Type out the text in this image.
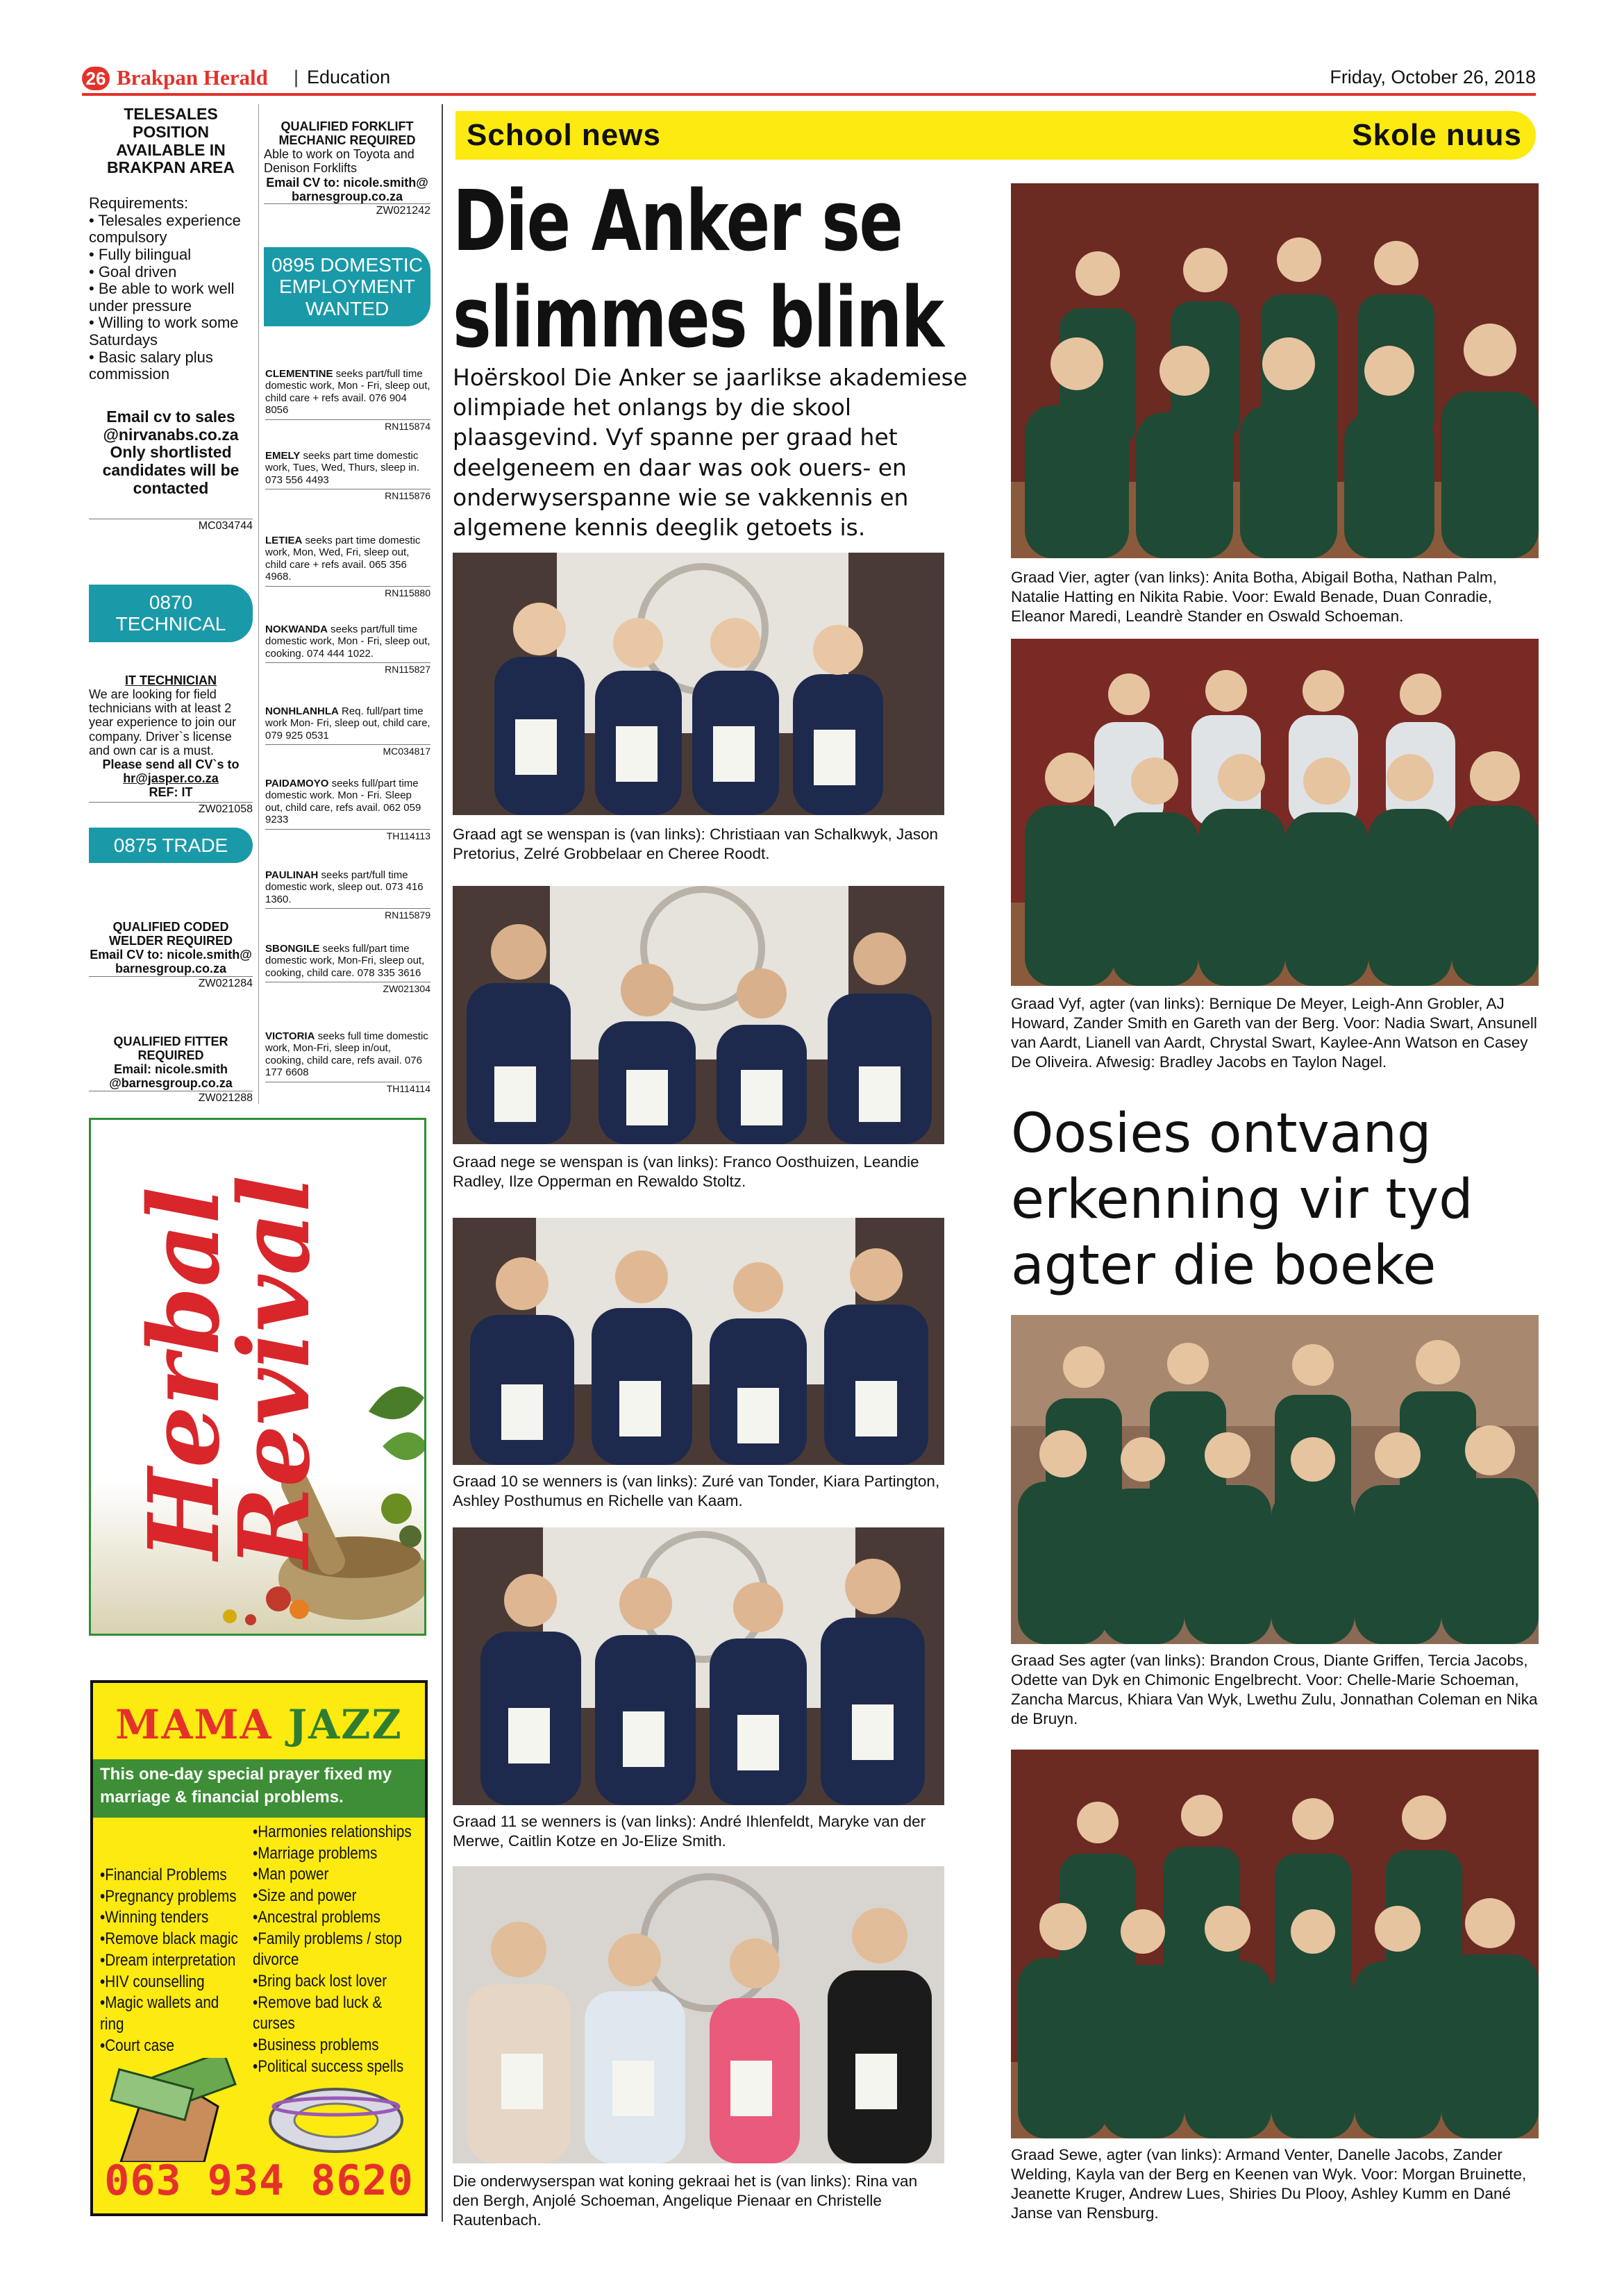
26 Brakpan Herald
|	Education	Friday, October 26, 2018
TELESALES POSITION AVAILABLE IN BRAKPAN AREA
Requirements:
• Telesales experience compulsory
• Fully bilingual
• Goal driven
• Be able to work well under pressure
• Willing to work some Saturdays
• Basic salary plus commission
Email cv to sales @nirvanabs.co.za Only shortlisted candidates will be contacted
MC034744
0870 TECHNICAL
IT TECHNICIAN
We are looking for field technicians with at least 2 year experience to join our company. Driver`s license and own car is a must.
Please send all CV`s to
hr@jasper.co.za
REF: IT
ZW021058
0875 TRADE
QUALIFIED CODED WELDER REQUIRED
Email CV to: nicole.smith@ barnesgroup.co.za
ZW021284
QUALIFIED FITTER REQUIRED
Email: nicole.smith @barnesgroup.co.za
ZW021288
QUALIFIED FORKLIFT MECHANIC REQUIRED
Able to work on Toyota and Denison Forklifts
Email CV to: nicole.smith@ barnesgroup.co.za
ZW021242
0895 DOMESTIC EMPLOYMENT WANTED
CLEMENTINE seeks part/full time domestic work, Mon - Fri, sleep out, child care + refs avail. 076 904 8056
RN115874
EMELY seeks part time domestic work, Tues, Wed, Thurs, sleep in. 073 556 4493
RN115876
LETIEA seeks part time domestic work, Mon, Wed, Fri, sleep out, child care + refs avail. 065 356 4968.
RN115880
NOKWANDA seeks part/full time domestic work, Mon - Fri, sleep out, cooking. 074 444 1022.
RN115827
NONHLANHLA Req. full/part time work Mon- Fri, sleep out, child care, 079 925 0531
MC034817
PAIDAMOYO seeks full/part time domestic work. Mon - Fri. Sleep out, child care, refs avail. 062 059 9233
TH114113
PAULINAH seeks part/full time domestic work, sleep out. 073 416 1360.
RN115879
SBONGILE seeks full/part time domestic work, Mon-Fri, sleep out, cooking, child care. 078 335 3616
ZW021304
VICTORIA seeks full time domestic work, Mon-Fri, sleep in/out, cooking, child care, refs avail. 076 177 6608
TH114114
Herbal
Revival
MAMA JAZZ
This one-day special prayer fixed my marriage & financial problems.
• Financial Problems
• Pregnancy problems
• Winning tenders
• Remove black magic
• Dream interpretation
• HIV counselling
• Magic wallets and ring
• Court case
• Harmonies relationships
• Marriage problems
• Man power
• Size and power
• Ancestral problems
• Family problems / stop divorce
• Bring back lost lover
• Remove bad luck & curses
• Business problems
• Political success spells
063 934 8620
School news	Skole nuus
Die Anker se
slimmes blink
Hoërskool Die Anker se jaarlikse akademiese olimpiade het onlangs by die skool plaasgevind. Vyf spanne per graad het deelgeneem en daar was ook ouers- en onderwyserspanne wie se vakkennis en algemene kennis deeglik getoets is.
Graad agt se wenspan is (van links): Christiaan van Schalkwyk, Jason Pretorius, Zelré Grobbelaar en Cheree Roodt.
Graad nege se wenspan is (van links): Franco Oosthuizen, Leandie Radley, Ilze Opperman en Rewaldo Stoltz.
Graad 10 se wenners is (van links): Zuré van Tonder, Kiara Partington, Ashley Posthumus en Richelle van Kaam.
Graad 11 se wenners is (van links): André Ihlenfeldt, Maryke van der Merwe, Caitlin Kotze en Jo-Elize Smith.
Die onderwyserspan wat koning gekraai het is (van links): Rina van den Bergh, Anjolé Schoeman, Angelique Pienaar en Christelle Rautenbach.
Graad Vier, agter (van links): Anita Botha, Abigail Botha, Nathan Palm, Natalie Hatting en Nikita Rabie. Voor: Ewald Benade, Duan Conradie, Eleanor Maredi, Leandrè Stander en Oswald Schoeman.
Graad Vyf, agter (van links): Bernique De Meyer, Leigh-Ann Grobler, AJ Howard, Zander Smith en Gareth van der Berg. Voor: Nadia Swart, Ansunell van Aardt, Lianell van Aardt, Chrystal Swart, Kaylee-Ann Watson en Casey De Oliveira. Afwesig: Bradley Jacobs en Taylon Nagel.
Oosies ontvang erkenning vir tyd agter die boeke
Graad Ses agter (van links): Brandon Crous, Diante Griffen, Tercia Jacobs, Odette van Dyk en Chimonic Engelbrecht. Voor: Chelle-Marie Schoeman, Zancha Marcus, Khiara Van Wyk, Lwethu Zulu, Jonnathan Coleman en Nika de Bruyn.
Graad Sewe, agter (van links): Armand Venter, Danelle Jacobs, Zander Welding, Kayla van der Berg en Keenen van Wyk. Voor: Morgan Bruinette, Jeanette Kruger, Andrew Lues, Shiries Du Plooy, Ashley Kumm en Dané Janse van Rensburg.
